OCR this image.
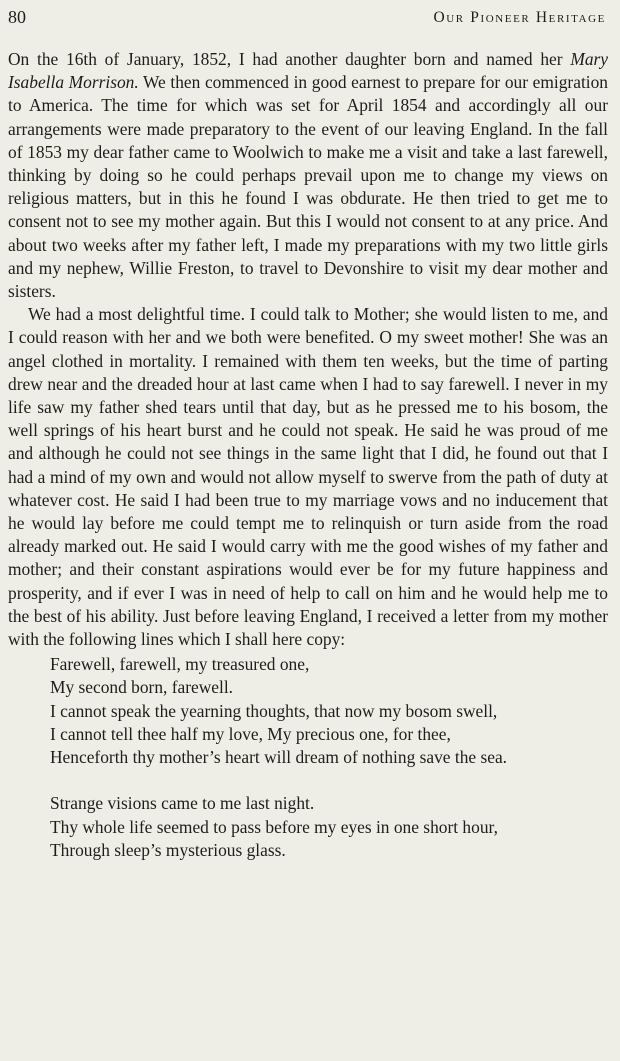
80	Our Pioneer Heritage

On the 16th of January, 1852, I had another daughter born and named her Mary Isabella Morrison. We then commenced in good earnest to prepare for our emigration to America. The time for which was set for April 1854 and accordingly all our arrangements were made preparatory to the event of our leaving England. In the fall of 1853 my dear father came to Woolwich to make me a visit and take a last farewell, thinking by doing so he could perhaps prevail upon me to change my views on religious matters, but in this he found I was obdurate. He then tried to get me to consent not to see my mother again. But this I would not consent to at any price. And about two weeks after my father left, I made my preparations with my two little girls and my nephew, Willie Freston, to travel to Devonshire to visit my dear mother and sisters.

We had a most delightful time. I could talk to Mother; she would listen to me, and I could reason with her and we both were benefited. O my sweet mother! She was an angel clothed in mortality. I remained with them ten weeks, but the time of parting drew near and the dreaded hour at last came when I had to say farewell. I never in my life saw my father shed tears until that day, but as he pressed me to his bosom, the well springs of his heart burst and he could not speak. He said he was proud of me and although he could not see things in the same light that I did, he found out that I had a mind of my own and would not allow myself to swerve from the path of duty at whatever cost. He said I had been true to my marriage vows and no inducement that he would lay before me could tempt me to relinquish or turn aside from the road already marked out. He said I would carry with me the good wishes of my father and mother; and their constant aspirations would ever be for my future happiness and prosperity, and if ever I was in need of help to call on him and he would help me to the best of his ability. Just before leaving England, I received a letter from my mother with the following lines which I shall here copy:

Farewell, farewell, my treasured one,

My second born, farewell.

I cannot speak the yearning thoughts, that now my bosom swell,

I cannot tell thee half my love, My precious one, for thee,

Henceforth thy mother’s heart will dream of nothing save the sea.

Strange visions came to me last night.

Thy whole life seemed to pass before my eyes in one short hour,

Through sleep’s mysterious glass.
